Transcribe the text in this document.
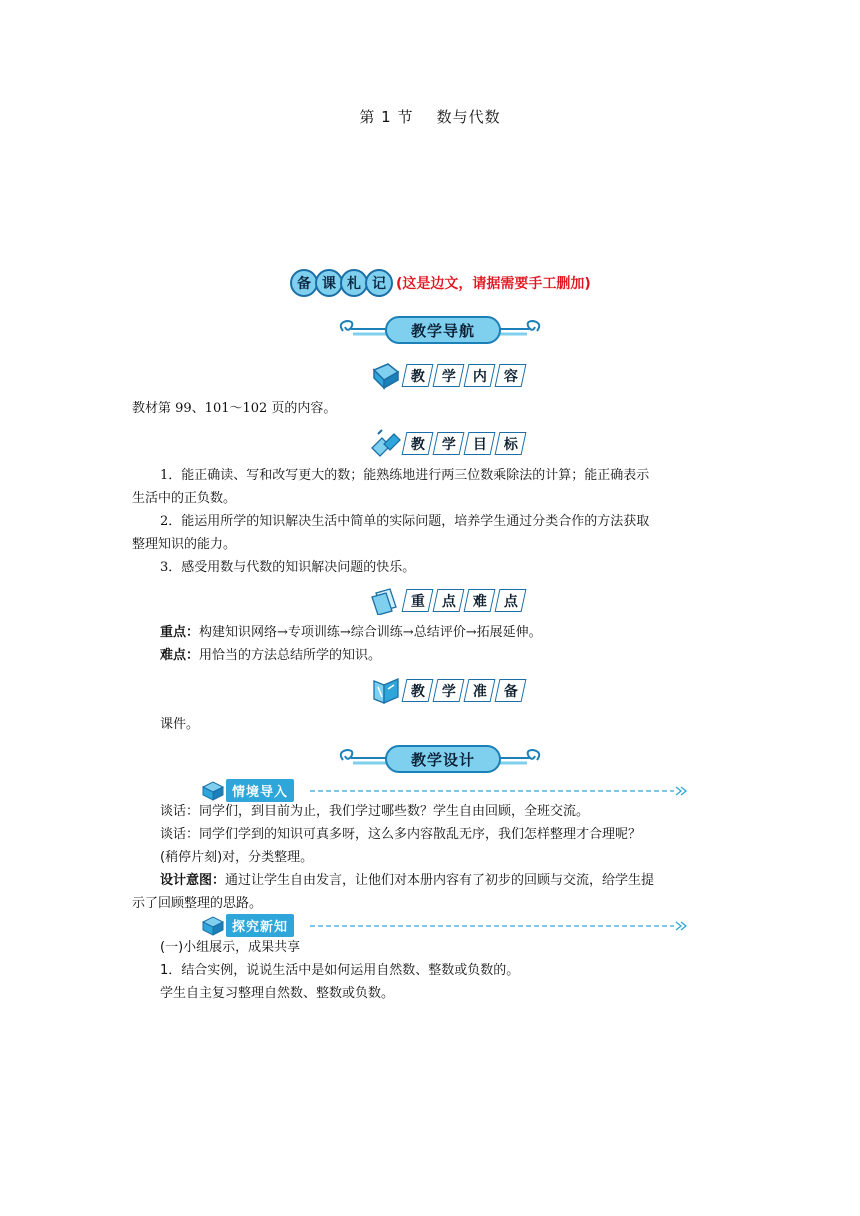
第 1 节 数与代数
备 课 札 记 (这是边文，请据需要手工删加)
教学导航
教 学 内 容

教材第 99、101～102 页的内容。

教 学 目 标

1．能正确读、写和改写更大的数；能熟练地进行两三位数乘除法的计算；能正确表示

生活中的正负数。

2．能运用所学的知识解决生活中简单的实际问题，培养学生通过分类合作的方法获取

整理知识的能力。

3．感受用数与代数的知识解决问题的快乐。

重 点 难 点

重点：构建知识网络→专项训练→综合训练→总结评价→拓展延伸。

难点：用恰当的方法总结所学的知识。

教 学 准 备

课件。

教学设计
情境导入

谈话：同学们，到目前为止，我们学过哪些数？学生自由回顾，全班交流。

谈话：同学们学到的知识可真多呀，这么多内容散乱无序，我们怎样整理才合理呢？

(稍停片刻)对，分类整理。

设计意图：通过让学生自由发言，让他们对本册内容有了初步的回顾与交流，给学生提

示了回顾整理的思路。

探究新知

(一)小组展示，成果共享

1．结合实例，说说生活中是如何运用自然数、整数或负数的。

学生自主复习整理自然数、整数或负数。
